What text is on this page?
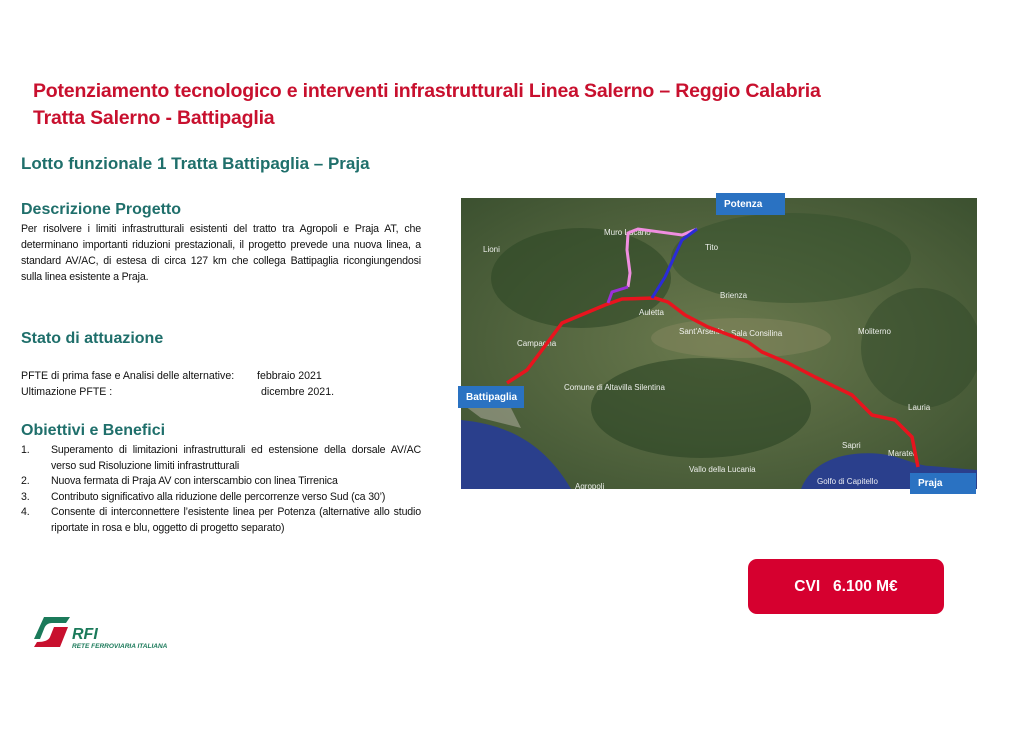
Potenziamento tecnologico e interventi infrastrutturali Linea Salerno – Reggio Calabria
Tratta Salerno - Battipaglia
Lotto funzionale 1 Tratta Battipaglia – Praja
Descrizione Progetto
Per risolvere i limiti infrastrutturali esistenti del tratto tra Agropoli e Praja AT, che determinano importanti riduzioni prestazionali, il progetto prevede una nuova linea, a standard AV/AC, di estesa di circa 127 km che collega Battipaglia ricongiungendosi sulla linea esistente a Praja.
Stato di attuazione
PFTE di prima fase e Analisi delle alternative:	febbraio 2021
Ultimazione PFTE :	dicembre 2021.
Obiettivi e Benefici
1.	Superamento di limitazioni infrastrutturali ed estensione della dorsale AV/AC verso sud Risoluzione limiti infrastrutturali
2.	Nuova fermata di Praja AV con interscambio con linea Tirrenica
3.	Contributo significativo alla riduzione delle percorrenze verso Sud (ca 30’)
4.	Consente di interconnettere l’esistente linea per Potenza (alternative allo studio riportate in rosa e blu, oggetto di progetto separato)
Muro Lucano
Tito
Lioni
Brienza
Auletta
Sant'Arsenio Sala Consilina	Moliterno
Campagna
Comune di Altavilla Silentina
Lauria
Sapri
Maratea
Vallo della Lucania
Golfo di Capitello
Agropoli
Potenza
Battipaglia
Praja
CVI   6.100 M€
RFI
RETE FERROVIARIA ITALIANA
